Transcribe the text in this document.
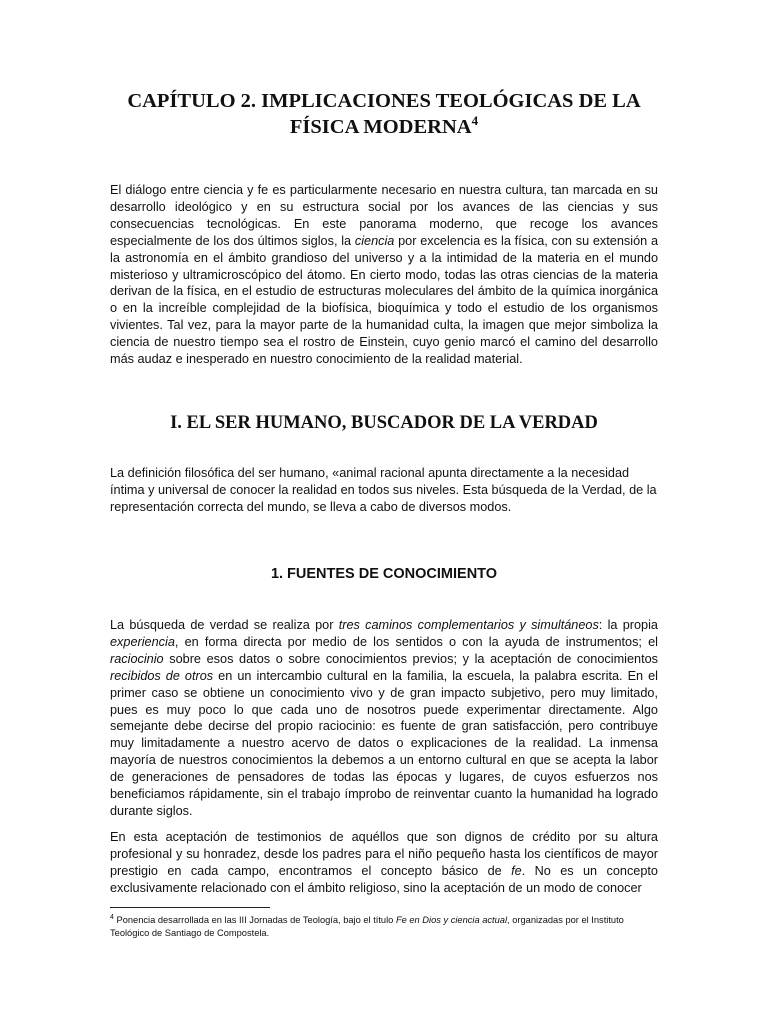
CAPÍTULO 2. IMPLICACIONES TEOLÓGICAS DE LA
FÍSICA MODERNA$^4$

El diálogo entre ciencia y fe es particularmente necesario en nuestra cultura, tan marcada en su desarrollo ideológico y en su estructura social por los avances de las ciencias y sus consecuencias tecnológicas. En este panorama moderno, que recoge los avances especialmente de los dos últimos siglos, la ciencia por excelencia es la física, con su extensión a la astronomía en el ámbito grandioso del universo y a la intimidad de la materia en el mundo misterioso y ultramicroscópico del átomo. En cierto modo, todas las otras ciencias de la materia derivan de la física, en el estudio de estructuras moleculares del ámbito de la química inorgánica o en la increíble complejidad de la biofísica, bioquímica y todo el estudio de los organismos vivientes. Tal vez, para la mayor parte de la humanidad culta, la imagen que mejor simboliza la ciencia de nuestro tiempo sea el rostro de Einstein, cuyo genio marcó el camino del desarrollo más audaz e inesperado en nuestro conocimiento de la realidad material.

I. EL SER HUMANO, BUSCADOR DE LA VERDAD

La definición filosófica del ser humano, «animal racional apunta directamente a la necesidad íntima y universal de conocer la realidad en todos sus niveles. Esta búsqueda de la Verdad, de la representación correcta del mundo, se lleva a cabo de diversos modos.

1. FUENTES DE CONOCIMIENTO

La búsqueda de verdad se realiza por tres caminos complementarios y simultáneos: la propia experiencia, en forma directa por medio de los sentidos o con la ayuda de instrumentos; el raciocinio sobre esos datos o sobre conocimientos previos; y la aceptación de conocimientos recibidos de otros en un intercambio cultural en la familia, la escuela, la palabra escrita. En el primer caso se obtiene un conocimiento vivo y de gran impacto subjetivo, pero muy limitado, pues es muy poco lo que cada uno de nosotros puede experimentar directamente. Algo semejante debe decirse del propio raciocinio: es fuente de gran satisfacción, pero contribuye muy limitadamente a nuestro acervo de datos o explicaciones de la realidad. La inmensa mayoría de nuestros conocimientos la debemos a un entorno cultural en que se acepta la labor de generaciones de pensadores de todas las épocas y lugares, de cuyos esfuerzos nos beneficiamos rápidamente, sin el trabajo ímprobo de reinventar cuanto la humanidad ha logrado durante siglos.

En esta aceptación de testimonios de aquéllos que son dignos de crédito por su altura profesional y su honradez, desde los padres para el niño pequeño hasta los científicos de mayor prestigio en cada campo, encontramos el concepto básico de fe. No es un concepto exclusivamente relacionado con el ámbito religioso, sino la aceptación de un modo de conocer

$^4$ Ponencia desarrollada en las III Jornadas de Teología, bajo el título Fe en Dios y ciencia actual, organizadas por el Instituto Teológico de Santiago de Compostela.
